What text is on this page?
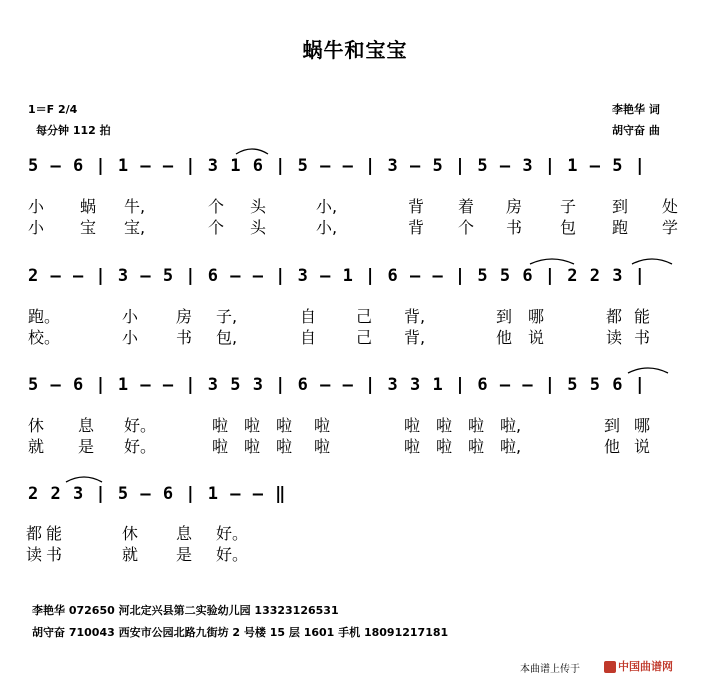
蜗牛和宝宝
1＝F 2/4
每分钟 112 拍
李艳华 词
胡守奋 曲
5 — 6 | 1 — — | 3 1 6 | 5 — — | 3 — 5 | 5 — 3 | 1 — 5 |
小 蜗 牛,	个 头	小,	背 着 房 子 到 处
小 宝 宝,	个 头	小,	背 个 书 包 跑 学
2 — — | 3 — 5 | 6 — — | 3 — 1 | 6 — — | 5 5 6 | 2 2 3 |
跑。	小 房 子,	自 己 背,	到 哪	都 能
校。	小 书 包,	自 己 背,	他 说	读 书
5 — 6 | 1 — — | 3 5 3 | 6 — — | 3 3 1 | 6 — — | 5 5 6 |
休 息 好。	啦 啦 啦 啦	啦 啦 啦 啦,	到 哪
就 是 好。	啦 啦 啦 啦	啦 啦 啦 啦,	他 说
2 2 3 | 5 — 6 | 1 — — ‖
都 能	休 息 好。
读 书	就 是 好。
李艳华 072650 河北定兴县第二实验幼儿园 13323126531
胡守奋 710043 西安市公园北路九街坊 2 号楼 15 层 1601 手机 18091217181
本曲谱上传于	中国曲谱网
